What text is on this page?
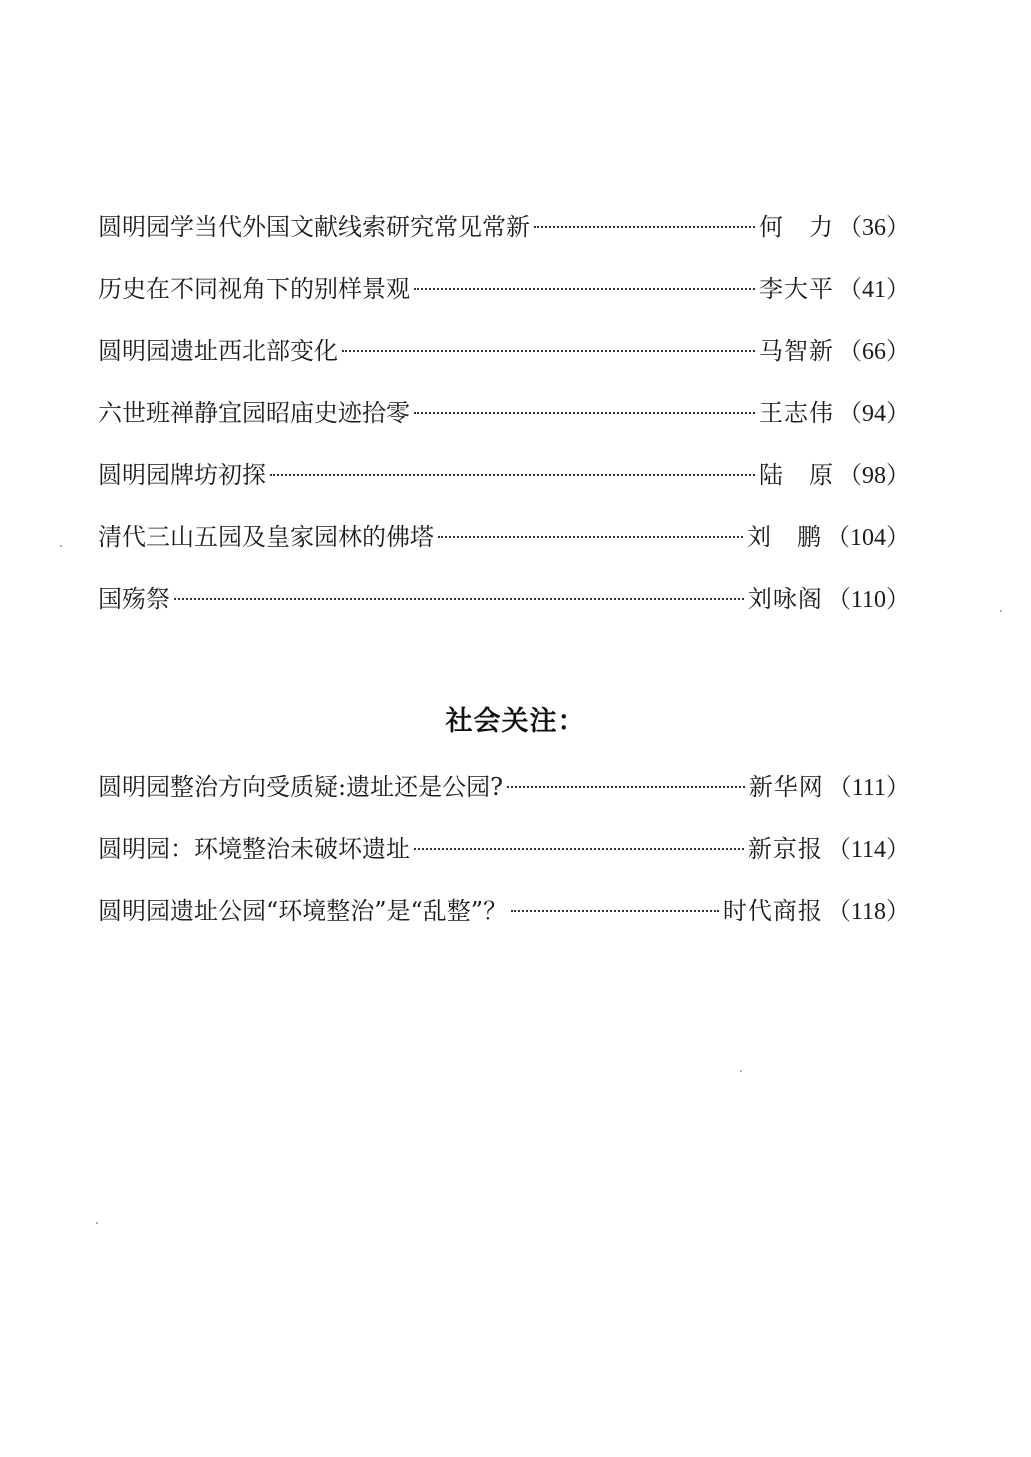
圆明园学当代外国文献线索研究常见常新	何　力 （36）
历史在不同视角下的别样景观	李大平 （41）
圆明园遗址西北部变化	马智新 （66）
六世班禅静宜园昭庙史迹拾零	王志伟 （94）
圆明园牌坊初探	陆　原 （98）
清代三山五园及皇家园林的佛塔	刘　鹏 （104）
国殇祭	刘咏阁 （110）
社会关注：
圆明园整治方向受质疑:遗址还是公园?	新华网 （111）
圆明园：环境整治未破坏遗址	新京报 （114）
圆明园遗址公园“环境整治”是“乱整”？	时代商报 （118）
